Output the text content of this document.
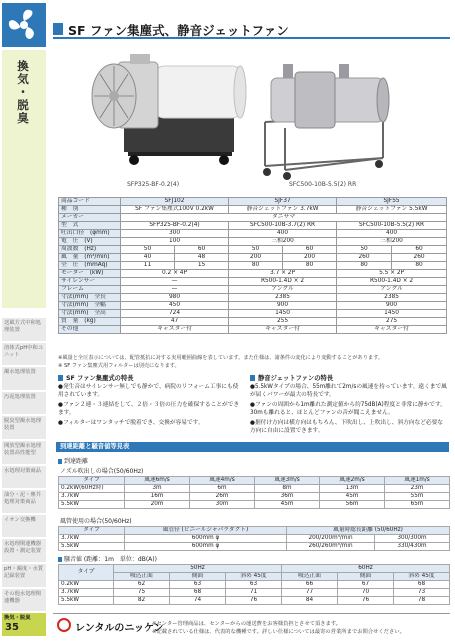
換
気
・
脱
臭
送風方式中和処理装置
溶体式pH中和ユニット
濁水処理装置
汚泥処理装置
脱臭型濁水処理装置
開放型濁水処理装置高性能型
水処理対策商品
油分・泥・塵芥処理対策商品
イオン交換機
水処理関連機器設置・測定装置
pH・濁度・水質記録装置
その他水処理関連機器
換気・脱臭
35
SF ファン集塵式、静音ジェットファン
SFP325-BF-0.2(4)	SFC500-10B-5.5(2) RR
商品コード	SFJ102		SJF37		SJF55	
種　別	SF ファン集塵式100V 0.2kW		静音ジェットファン 3.7kW		静音ジェットファン 5.5kW	
メーカー	タニサマ					
型　式	SFP325-BF-0.2(4)		SFC500-10B-3.7(2) RR		SFC500-10B-5.5(2) RR	
吐出口径　(φmm)	300		400		400	
電　圧　(V)	100		三相200		三相200	
周波数　(Hz)	50	60	50	60	50	60
風　量　(m³/min)	40	48	200	200	260	260
全　圧　(mmAq)	11	15	80	80	80	80
モーター　(kW)	0.2 × 4P		3.7 × 2P		5.5 × 2P	
サイレンサー	—		R500-1.4D × 2		R500-1.4D × 2	
フレーム	—		アングル		アングル	
寸法(mm)　全長	980		2385		2385	
寸法(mm)　全幅	450		900		900	
寸法(mm)　全高	724		1450		1450	
質　量　(kg)	47		255		275	
その他	キャスター付		キャスター付		キャスター付	
※風量と全圧表示については、配管抵抗に対する実用範囲曲線を表しています。また仕様は、諸条件の変化により変動することがあります。
※ SF ファン集塵式用フィルターは別売になります。
SF ファン集塵式の特長

●発生音はサイレンサー無しでも静かで、病院のリフォーム工事にも使用されています。

●ファン２連・３連結をして、２倍・３倍の圧力を確保することができます。

●フィルターはワンタッチで脱着でき、交換が容易です。

静音ジェットファンの特長

●5.5kWタイプの場合、55m離れて2m/sの風速を持っています。遠くまで風が届くパワーが最大の特長です。

●ファンの周囲から1m離れた測定値から約75dB(A)程度と非常に静かです。30mも離れると、ほとんどファンの音が聞こえません。

●据付け方向は横方向はもちろん、下吹出し、上吹出し、斜方向など必要な方向に自由に設置できます。

到達距離と騒音値等見表
到達距離
ノズル吹出しの場合(50/60Hz)
タイプ	風速6m/s	風速4m/s	風速3m/s	風速2m/s	風速1m/s
0.2kW(60Hz時)	3m	6m	8m	13m	23m
3.7kW	16m	26m	36m	45m	55m
5.5kW	20m	30m	45m	56m	65m
風管使用の場合(50/60Hz)
タイプ	風管径 (ビニールジャバラダクト)	風量時総長距離 (50/60Hz)	
3.7kW	600mm φ	200/200m³/min	300/300m
5.5kW	600mm φ	260/260m³/min	330/430m
騒音値 (距離：1m　単位：dB(A))
タイプ	50Hz			60Hz		
	吸込正面	側面	斜め 45度	吸込正面	側面	斜め 45度
0.2kW	62	63	63	66	67	68
3.7kW	75	68	71	77	70	73
5.5kW	82	74	76	84	76	78
レンタルのニッケン
※センター管理商品は、センターからの運送費をお客様負担とさせて頂きます。
※記載されている仕様は、代表的な機種です。詳しい仕様については最寄の営業所までお問合せください。
